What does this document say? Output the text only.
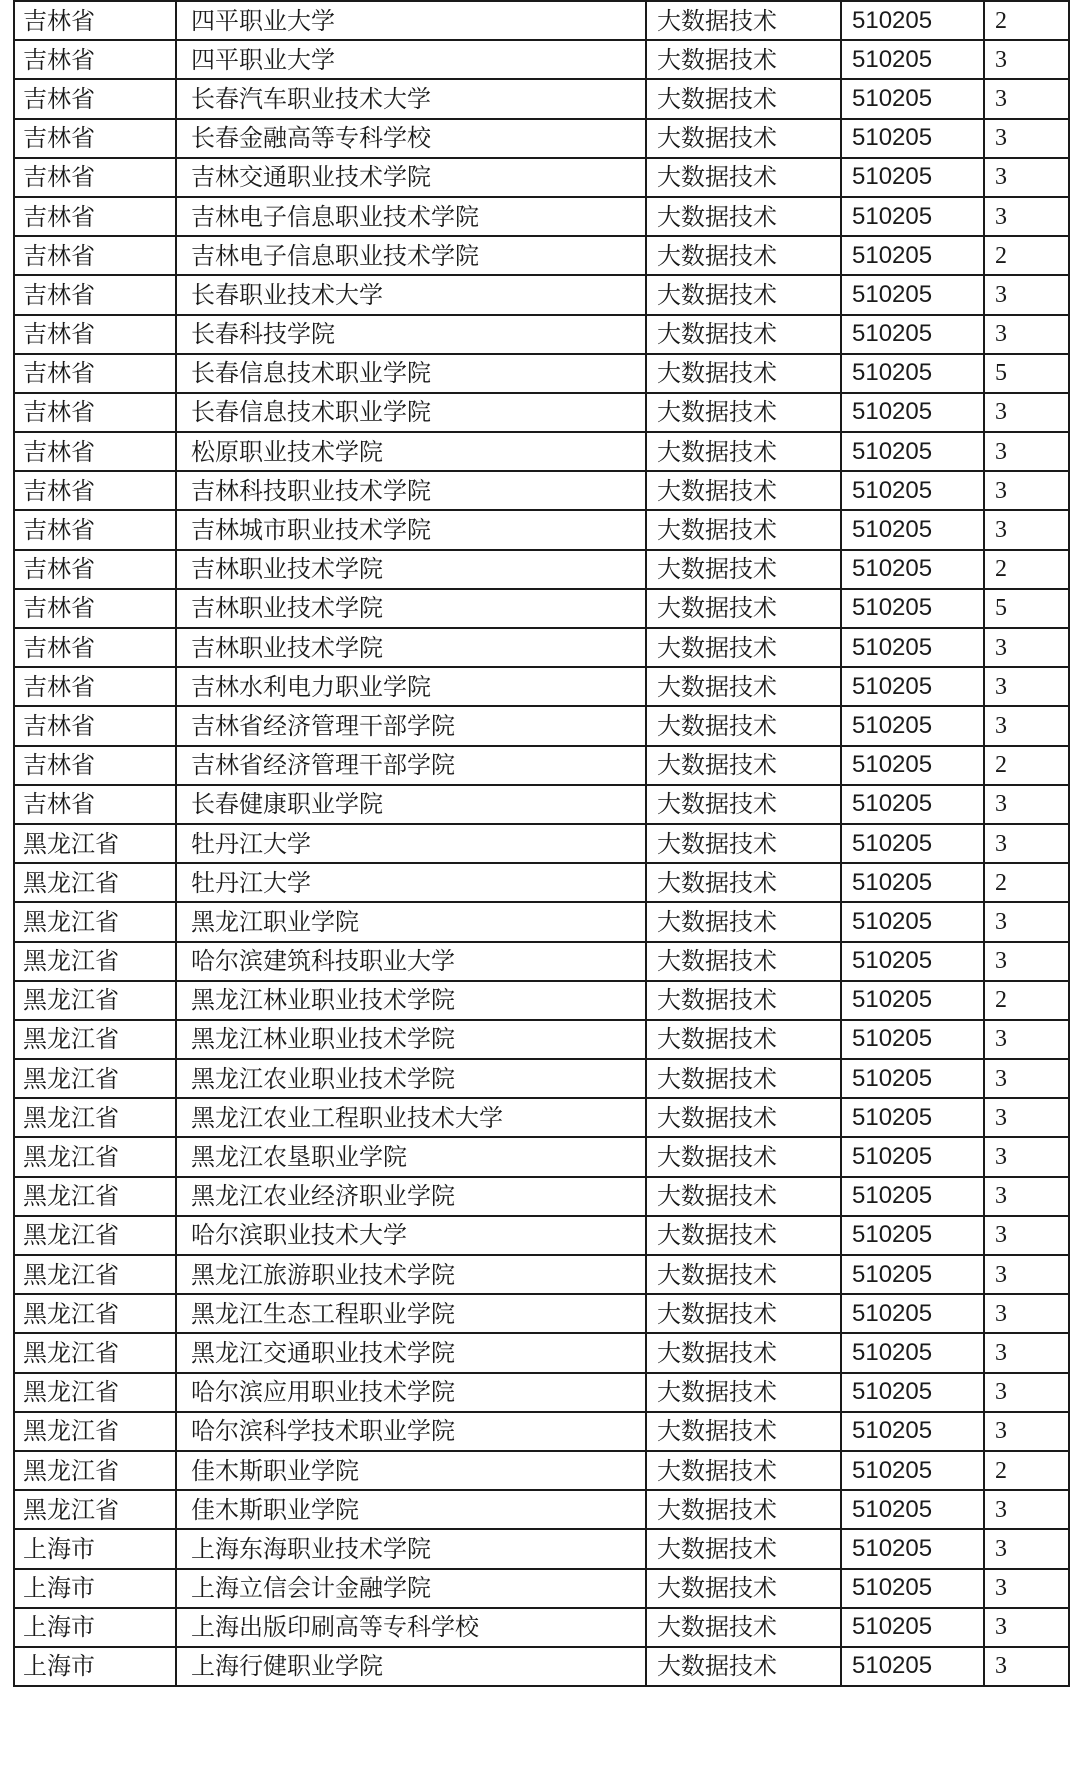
吉林省	四平职业大学	大数据技术	510205	2
吉林省	四平职业大学	大数据技术	510205	3
吉林省	长春汽车职业技术大学	大数据技术	510205	3
吉林省	长春金融高等专科学校	大数据技术	510205	3
吉林省	吉林交通职业技术学院	大数据技术	510205	3
吉林省	吉林电子信息职业技术学院	大数据技术	510205	3
吉林省	吉林电子信息职业技术学院	大数据技术	510205	2
吉林省	长春职业技术大学	大数据技术	510205	3
吉林省	长春科技学院	大数据技术	510205	3
吉林省	长春信息技术职业学院	大数据技术	510205	5
吉林省	长春信息技术职业学院	大数据技术	510205	3
吉林省	松原职业技术学院	大数据技术	510205	3
吉林省	吉林科技职业技术学院	大数据技术	510205	3
吉林省	吉林城市职业技术学院	大数据技术	510205	3
吉林省	吉林职业技术学院	大数据技术	510205	2
吉林省	吉林职业技术学院	大数据技术	510205	5
吉林省	吉林职业技术学院	大数据技术	510205	3
吉林省	吉林水利电力职业学院	大数据技术	510205	3
吉林省	吉林省经济管理干部学院	大数据技术	510205	3
吉林省	吉林省经济管理干部学院	大数据技术	510205	2
吉林省	长春健康职业学院	大数据技术	510205	3
黑龙江省	牡丹江大学	大数据技术	510205	3
黑龙江省	牡丹江大学	大数据技术	510205	2
黑龙江省	黑龙江职业学院	大数据技术	510205	3
黑龙江省	哈尔滨建筑科技职业大学	大数据技术	510205	3
黑龙江省	黑龙江林业职业技术学院	大数据技术	510205	2
黑龙江省	黑龙江林业职业技术学院	大数据技术	510205	3
黑龙江省	黑龙江农业职业技术学院	大数据技术	510205	3
黑龙江省	黑龙江农业工程职业技术大学	大数据技术	510205	3
黑龙江省	黑龙江农垦职业学院	大数据技术	510205	3
黑龙江省	黑龙江农业经济职业学院	大数据技术	510205	3
黑龙江省	哈尔滨职业技术大学	大数据技术	510205	3
黑龙江省	黑龙江旅游职业技术学院	大数据技术	510205	3
黑龙江省	黑龙江生态工程职业学院	大数据技术	510205	3
黑龙江省	黑龙江交通职业技术学院	大数据技术	510205	3
黑龙江省	哈尔滨应用职业技术学院	大数据技术	510205	3
黑龙江省	哈尔滨科学技术职业学院	大数据技术	510205	3
黑龙江省	佳木斯职业学院	大数据技术	510205	2
黑龙江省	佳木斯职业学院	大数据技术	510205	3
上海市	上海东海职业技术学院	大数据技术	510205	3
上海市	上海立信会计金融学院	大数据技术	510205	3
上海市	上海出版印刷高等专科学校	大数据技术	510205	3
上海市	上海行健职业学院	大数据技术	510205	3
